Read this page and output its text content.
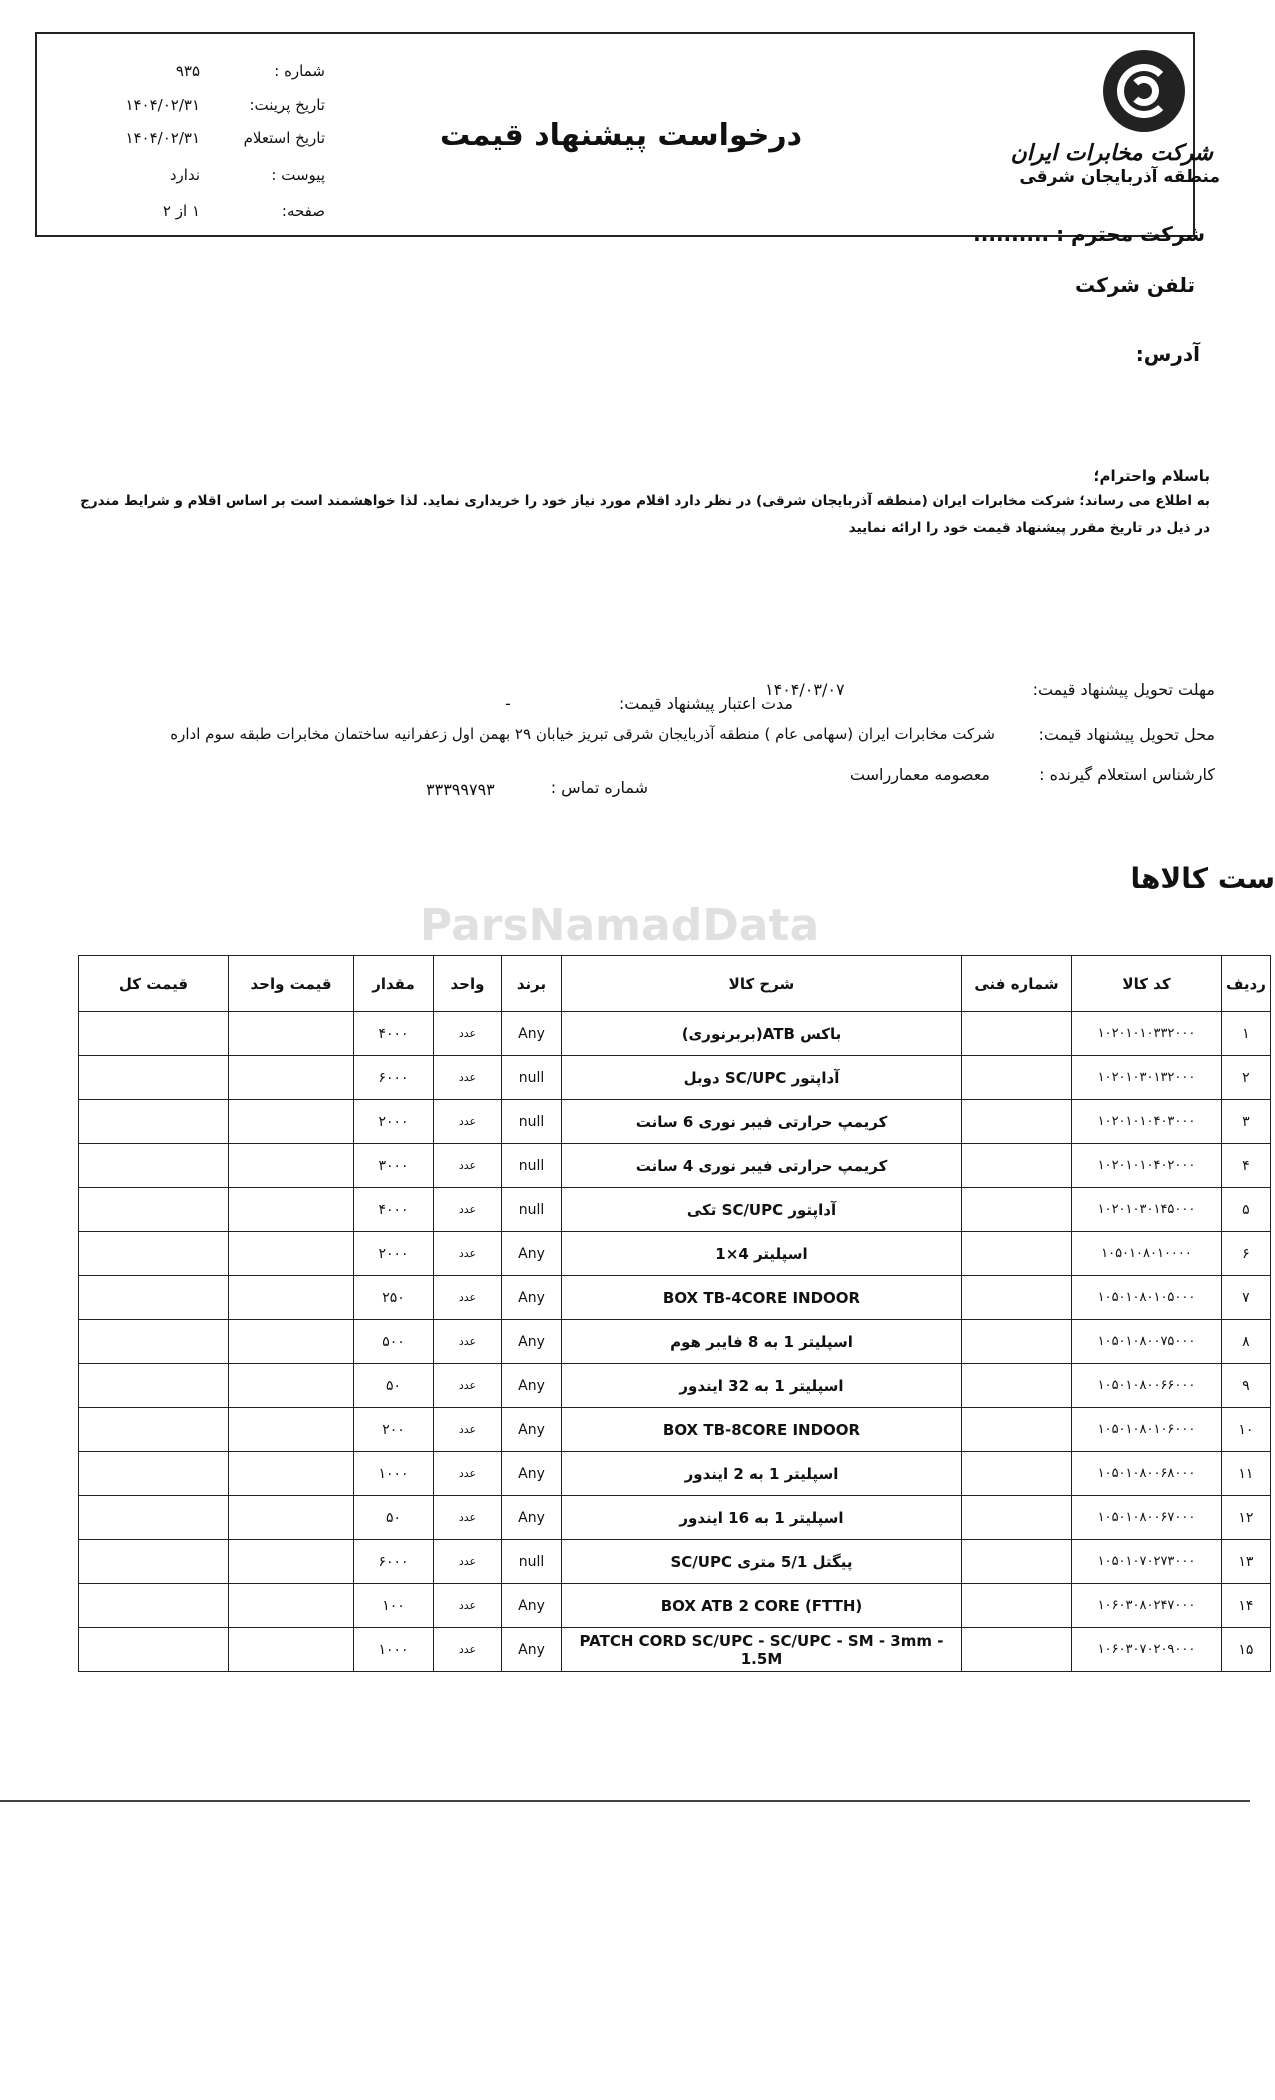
شرکت مخابرات ایران
منطقه آذربایجان شرقی
درخواست پیشنهاد قیمت
شماره :
۹۳۵
تاریخ پرینت:
۱۴۰۴/۰۲/۳۱
تاریخ استعلام
۱۴۰۴/۰۲/۳۱
پیوست :
ندارد
صفحه:
۱ از ۲
شرکت محترم : ..........
تلفن شرکت
آدرس:
باسلام واحترام؛
به اطلاع می رساند؛ شرکت مخابرات ایران (منطقه آذربایجان شرقی) در نظر دارد اقلام مورد نیاز خود را خریداری نماید. لذا خواهشمند است بر اساس اقلام و شرایط مندرج
در ذیل در تاریخ مقرر پیشنهاد قیمت خود را ارائه نمایید
مهلت تحویل پیشنهاد قیمت:
۱۴۰۴/۰۳/۰۷
مدت اعتبار پیشنهاد قیمت:
-
محل تحویل پیشنهاد قیمت:
شرکت مخابرات ایران (سهامی عام ) منطقه آذربایجان شرقی تبریز خیابان ۲۹ بهمن اول زعفرانیه ساختمان مخابرات طبقه سوم اداره
کارشناس استعلام گیرنده :
معصومه معمارراست
شماره تماس :
۳۳۳۹۹۷۹۳
ست کالاها
ParsNamadData
قیمت کل	قیمت واحد	مقدار	واحد	برند	شرح کالا	شماره فنی	کد کالا	ردیف
		۴۰۰۰	عدد	Any	باکس ATB(بربرنوری)		۱۰۲۰۱۰۱۰۳۳۲۰۰۰	۱
		۶۰۰۰	عدد	null	آداپتور SC/UPC دوبل		۱۰۲۰۱۰۳۰۱۳۲۰۰۰	۲
		۲۰۰۰	عدد	null	کریمپ حرارتی فیبر نوری 6 سانت		۱۰۲۰۱۰۱۰۴۰۳۰۰۰	۳
		۳۰۰۰	عدد	null	کریمپ حرارتی فیبر نوری 4 سانت		۱۰۲۰۱۰۱۰۴۰۲۰۰۰	۴
		۴۰۰۰	عدد	null	آداپتور SC/UPC تکی		۱۰۲۰۱۰۳۰۱۴۵۰۰۰	۵
		۲۰۰۰	عدد	Any	اسپلیتر 4×1		۱۰۵۰۱۰۸۰۱۰۰۰۰	۶
		۲۵۰	عدد	Any	BOX TB-4CORE INDOOR		۱۰۵۰۱۰۸۰۱۰۵۰۰۰	۷
		۵۰۰	عدد	Any	اسپلیتر 1 به 8 فایبر هوم		۱۰۵۰۱۰۸۰۰۷۵۰۰۰	۸
		۵۰	عدد	Any	اسپلیتر 1 به 32 ایندور		۱۰۵۰۱۰۸۰۰۶۶۰۰۰	۹
		۲۰۰	عدد	Any	BOX TB-8CORE INDOOR		۱۰۵۰۱۰۸۰۱۰۶۰۰۰	۱۰
		۱۰۰۰	عدد	Any	اسپلیتر 1 به 2 ایندور		۱۰۵۰۱۰۸۰۰۶۸۰۰۰	۱۱
		۵۰	عدد	Any	اسپلیتر 1 به 16 ایندور		۱۰۵۰۱۰۸۰۰۶۷۰۰۰	۱۲
		۶۰۰۰	عدد	null	پیگتل 5/1 متری SC/UPC		۱۰۵۰۱۰۷۰۲۷۳۰۰۰	۱۳
		۱۰۰	عدد	Any	(BOX ATB 2 CORE (FTTH		۱۰۶۰۳۰۸۰۲۴۷۰۰۰	۱۴
		۱۰۰۰	عدد	Any	PATCH CORD SC/UPC - SC/UPC - SM - 3mm - 1.5M		۱۰۶۰۳۰۷۰۲۰۹۰۰۰	۱۵
